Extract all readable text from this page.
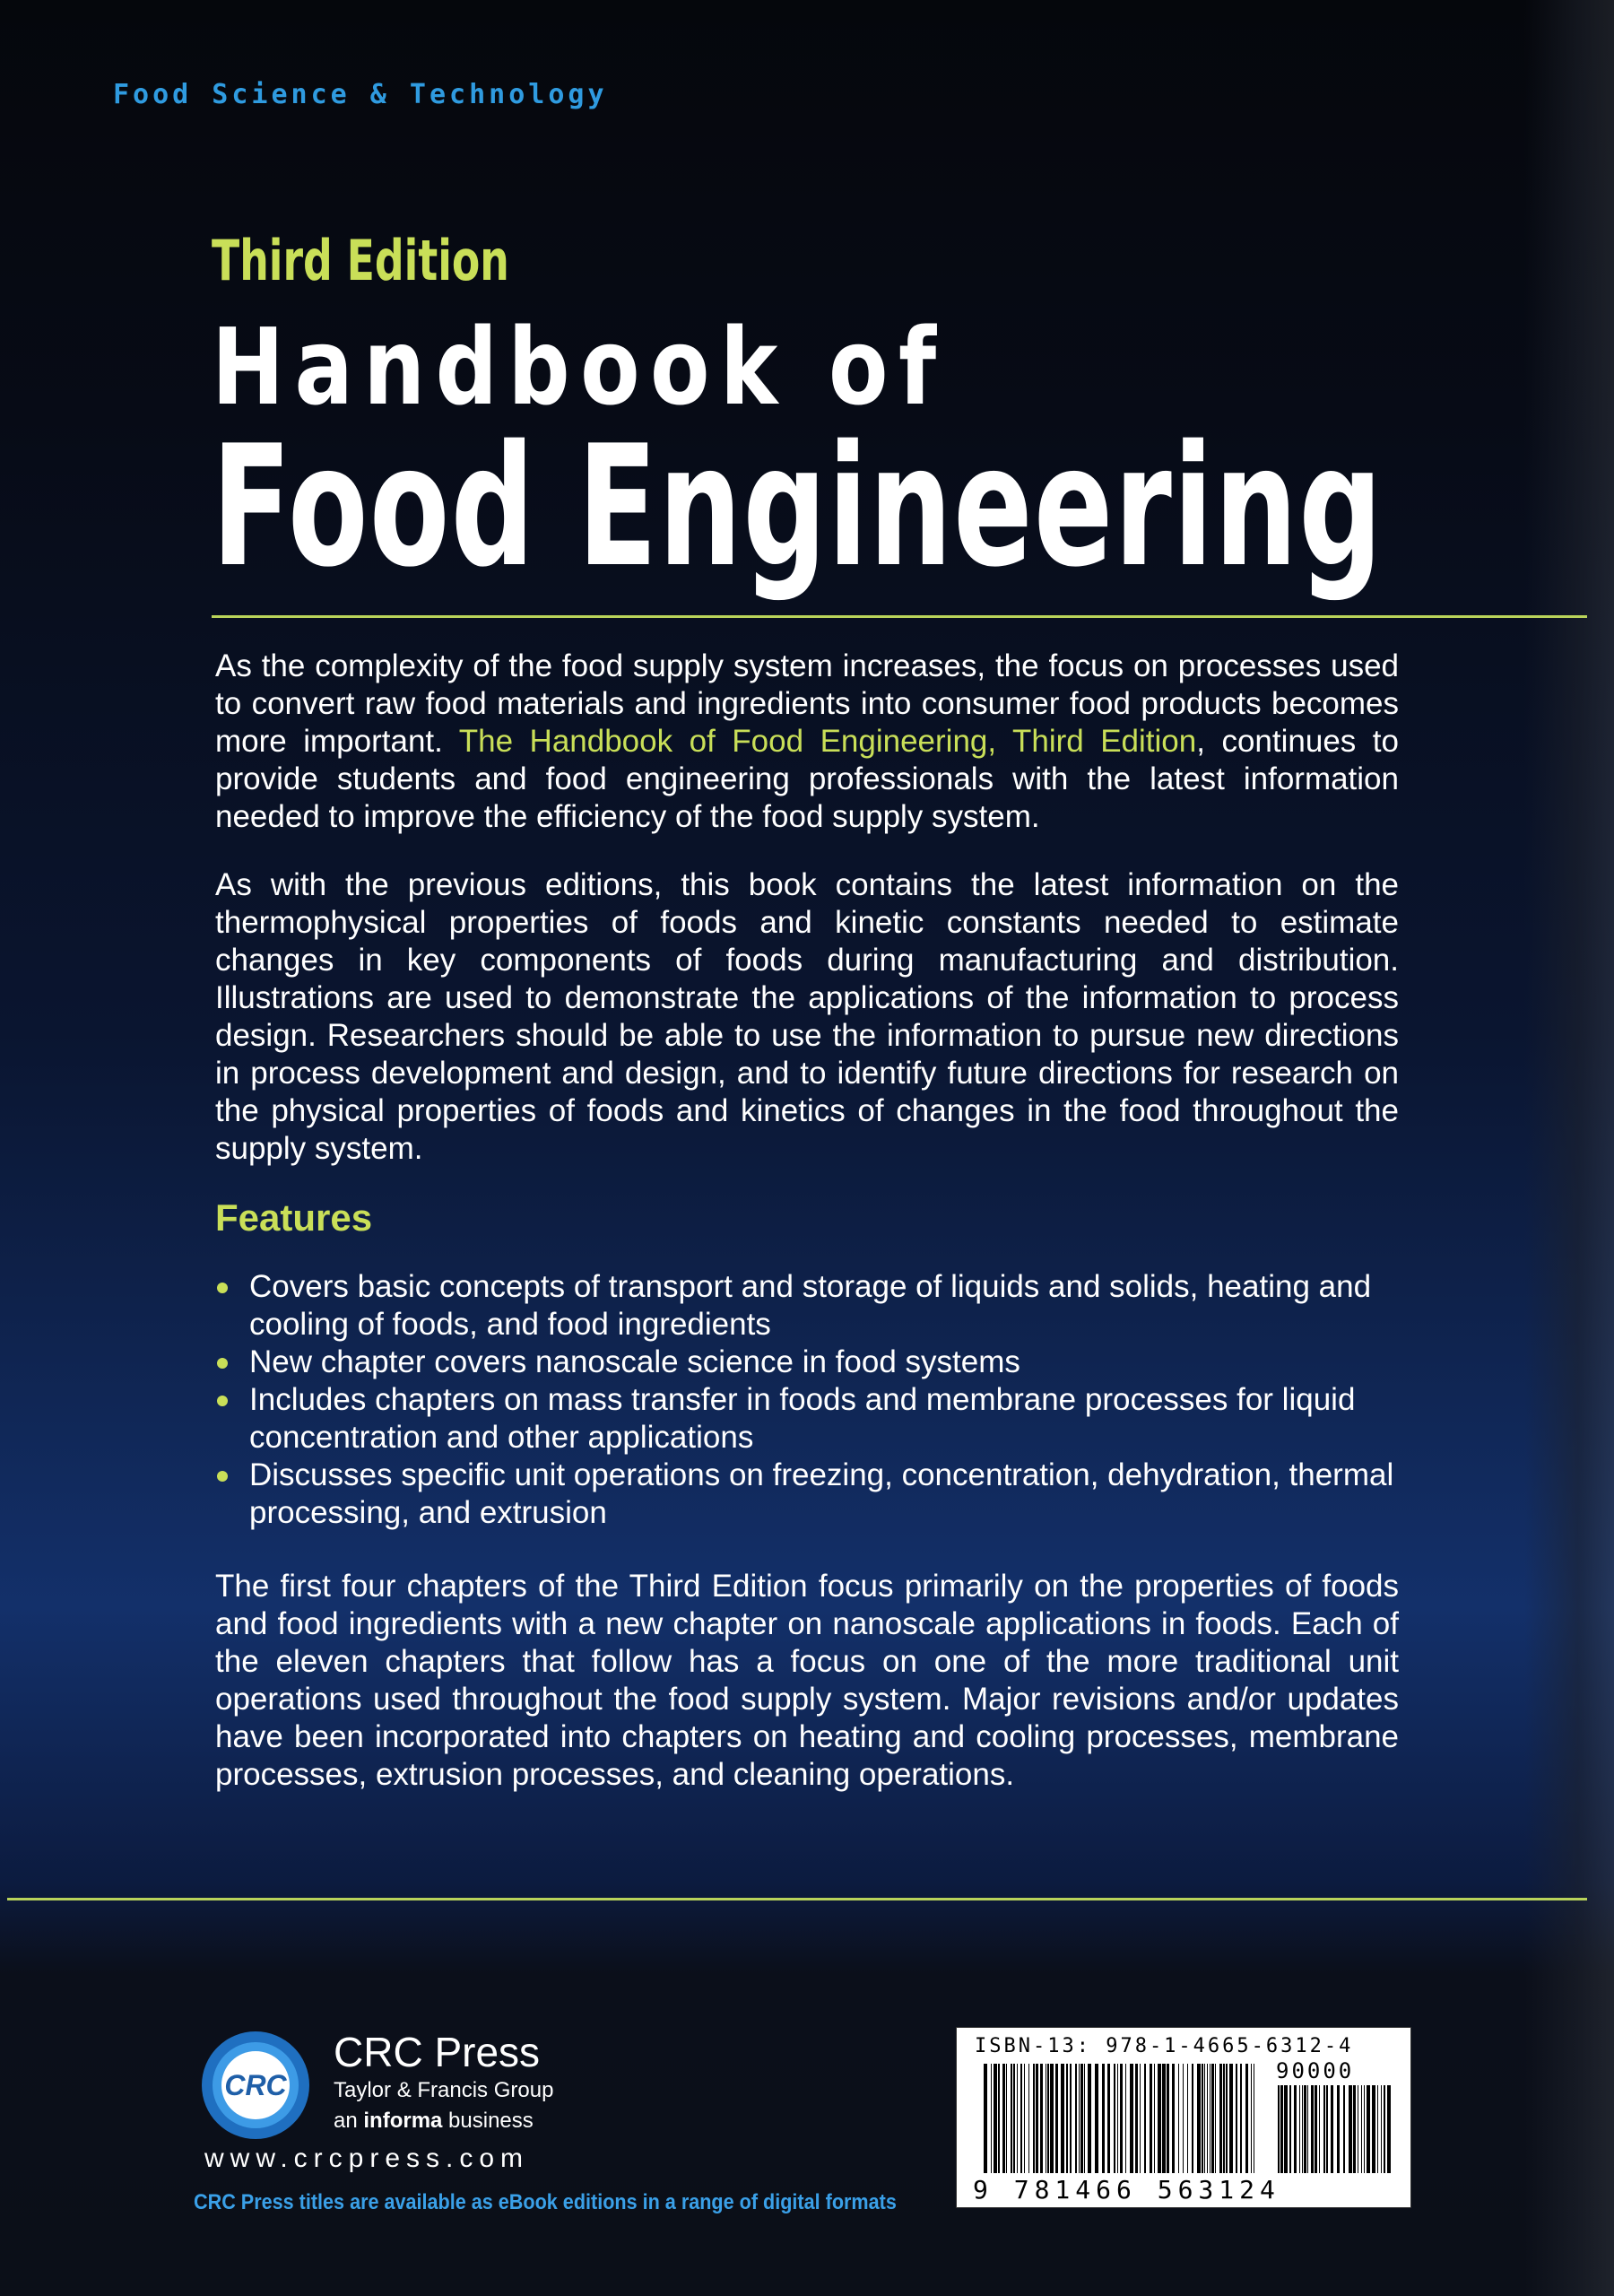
Food Science & Technology
Third Edition
Handbook of
Food Engineering
As the complexity of the food supply system increases, the focus on processes used to convert raw food materials and ingredients into consumer food products becomes more important. The Handbook of Food Engineering, Third Edition, continues to provide students and food engineering professionals with the latest information needed to improve the efficiency of the food supply system.
As with the previous editions, this book contains the latest information on the thermophysical properties of foods and kinetic constants needed to estimate changes in key components of foods during manufacturing and distribution. Illustrations are used to demonstrate the applications of the information to process design. Researchers should be able to use the information to pursue new directions in process development and design, and to identify future directions for research on the physical properties of foods and kinetics of changes in the food throughout the supply system.
Features
Covers basic concepts of transport and storage of liquids and solids, heating and cooling of foods, and food ingredients
New chapter covers nanoscale science in food systems
Includes chapters on mass transfer in foods and membrane processes for liquid concentration and other applications
Discusses specific unit operations on freezing, concentration, dehydration, thermal processing, and extrusion
The first four chapters of the Third Edition focus primarily on the properties of foods and food ingredients with a new chapter on nanoscale applications in foods. Each of the eleven chapters that follow has a focus on one of the more traditional unit operations used throughout the food supply system. Major revisions and/or updates have been incorporated into chapters on heating and cooling processes, membrane processes, extrusion processes, and cleaning operations.
CRC
CRC Press
Taylor & Francis Group
an informa business
www.crcpress.com
CRC Press titles are available as eBook editions in a range of digital formats
ISBN-13: 978-1-4665-6312-4
90000
9 781466 563124
